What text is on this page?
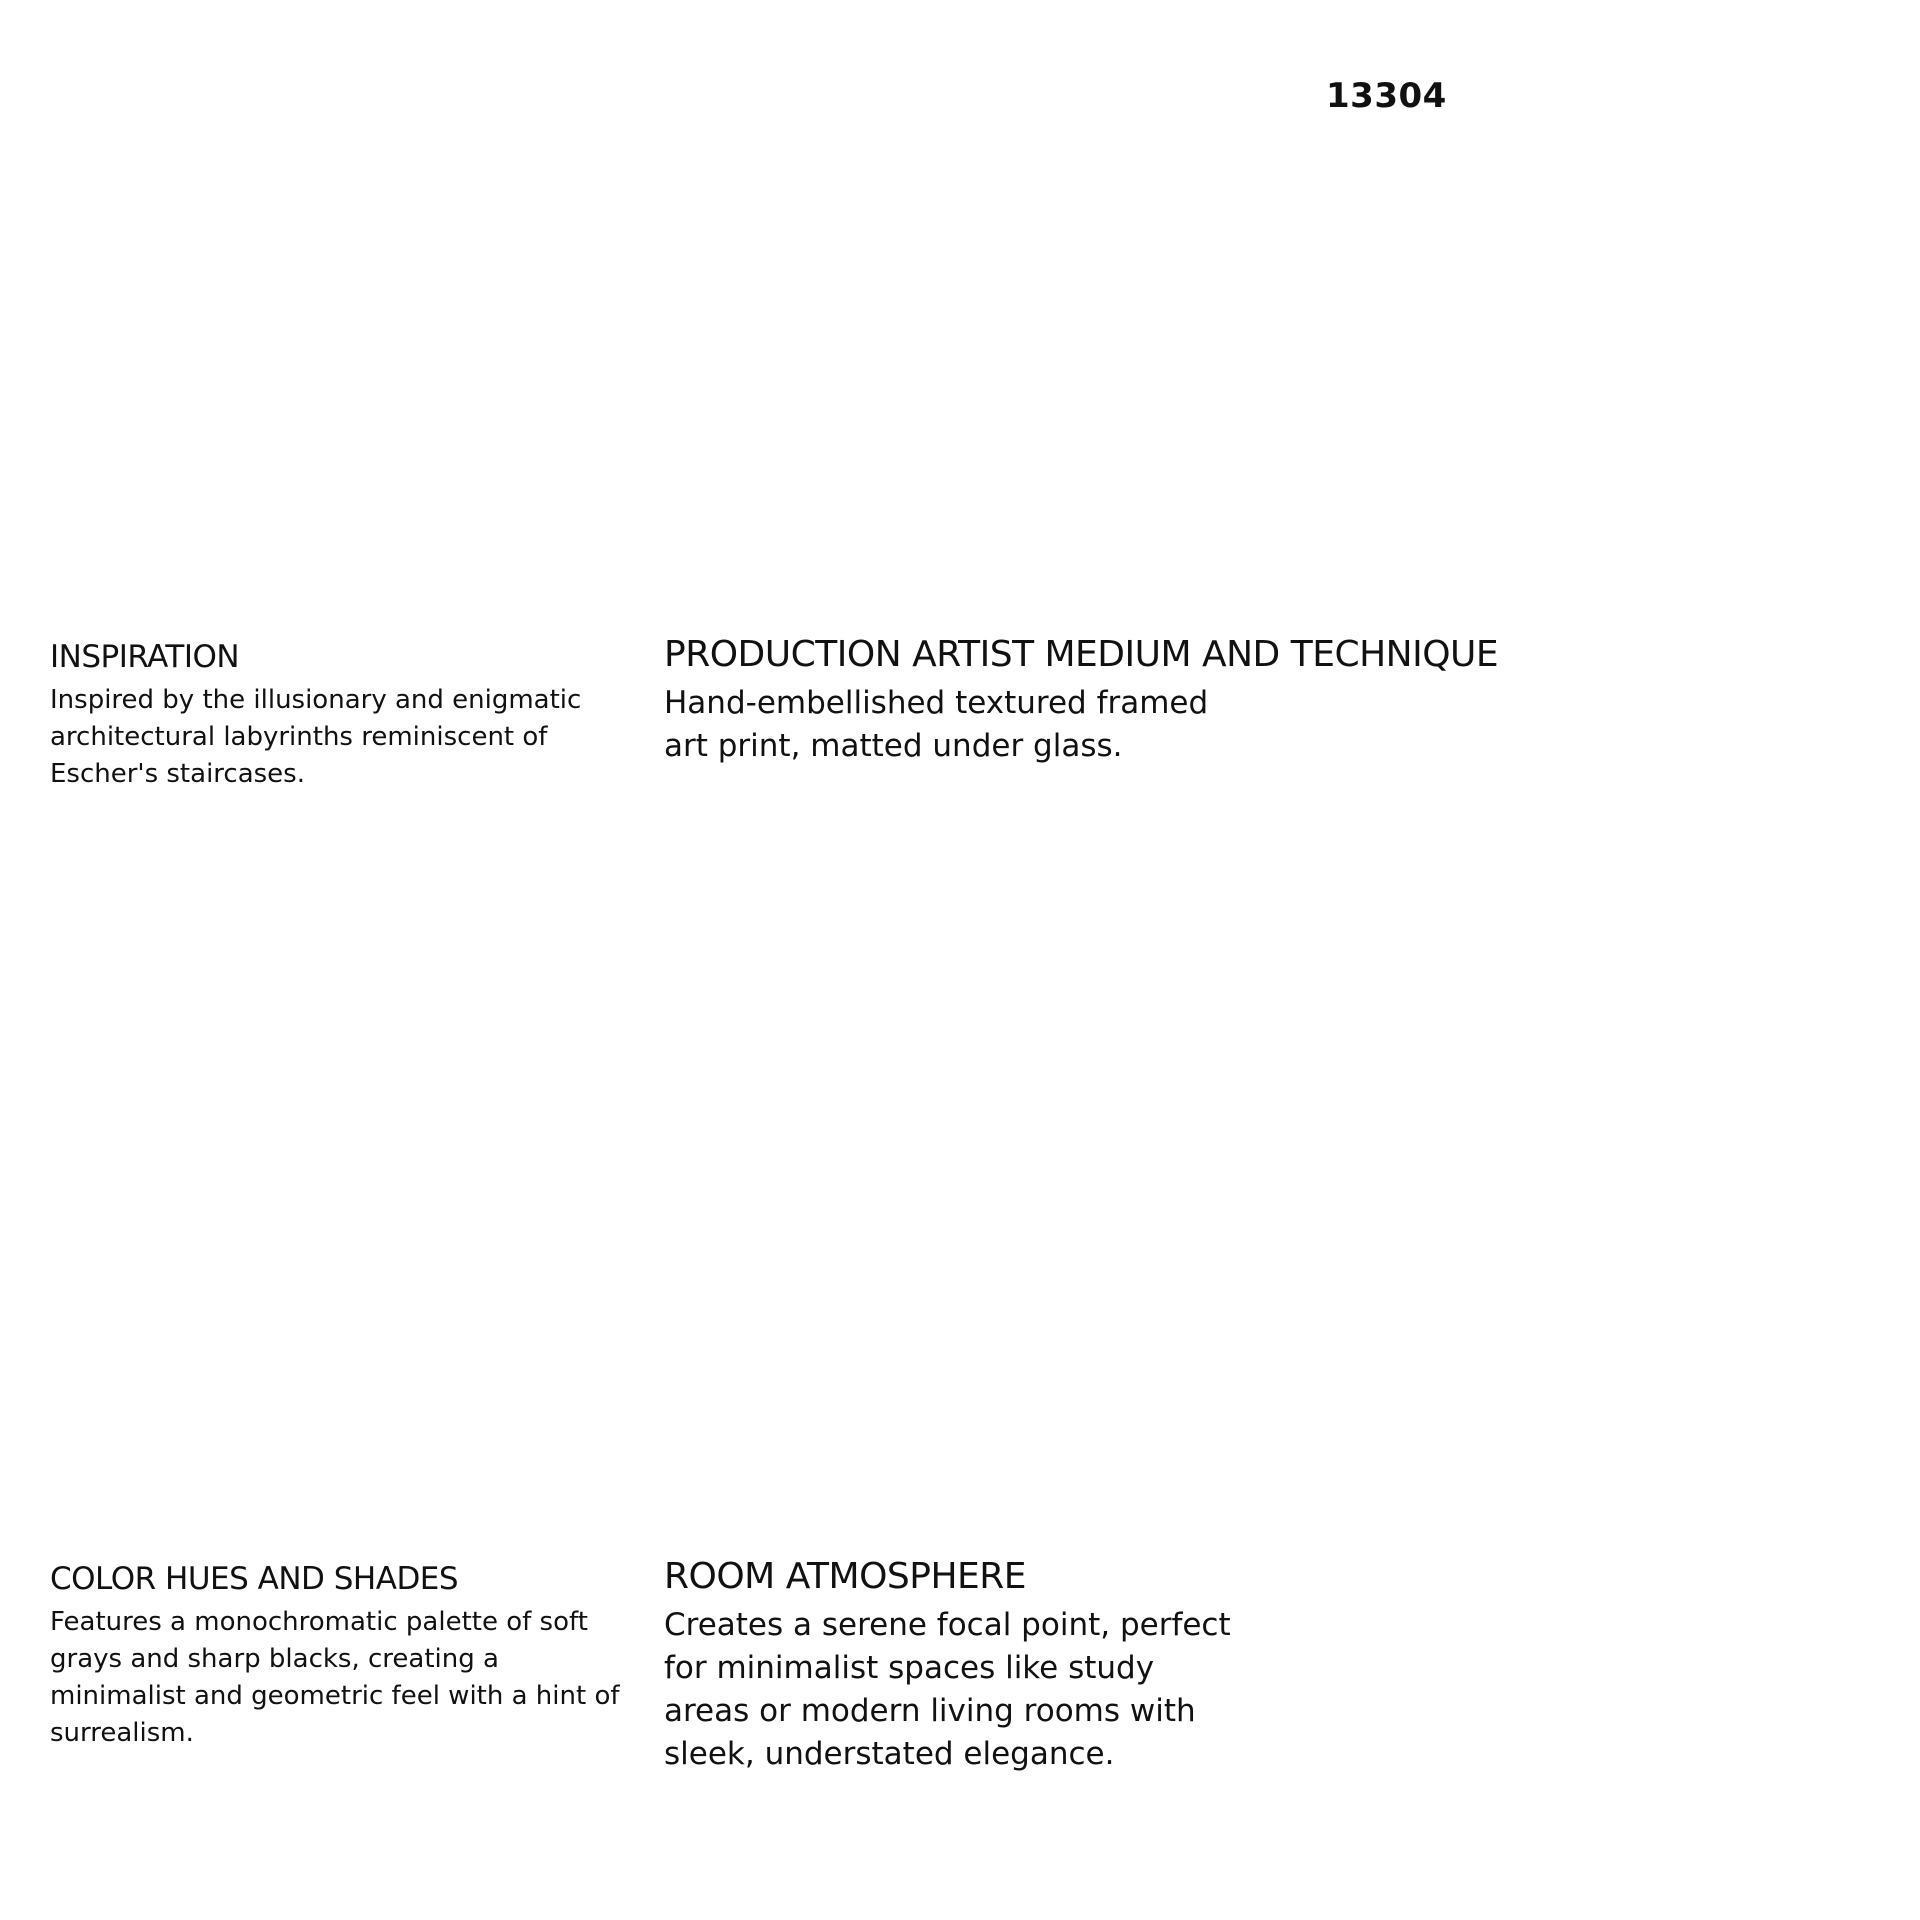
13304
INSPIRATION

Inspired by the illusionary and enigmatic architectural labyrinths reminiscent of Escher's staircases.

PRODUCTION ARTIST MEDIUM AND TECHNIQUE

Hand-embellished textured framed art print, matted under glass.

COLOR HUES AND SHADES

Features a monochromatic palette of soft grays and sharp blacks, creating a minimalist and geometric feel with a hint of surrealism.

ROOM ATMOSPHERE

Creates a serene focal point, perfect for minimalist spaces like study areas or modern living rooms with sleek, understated elegance.
